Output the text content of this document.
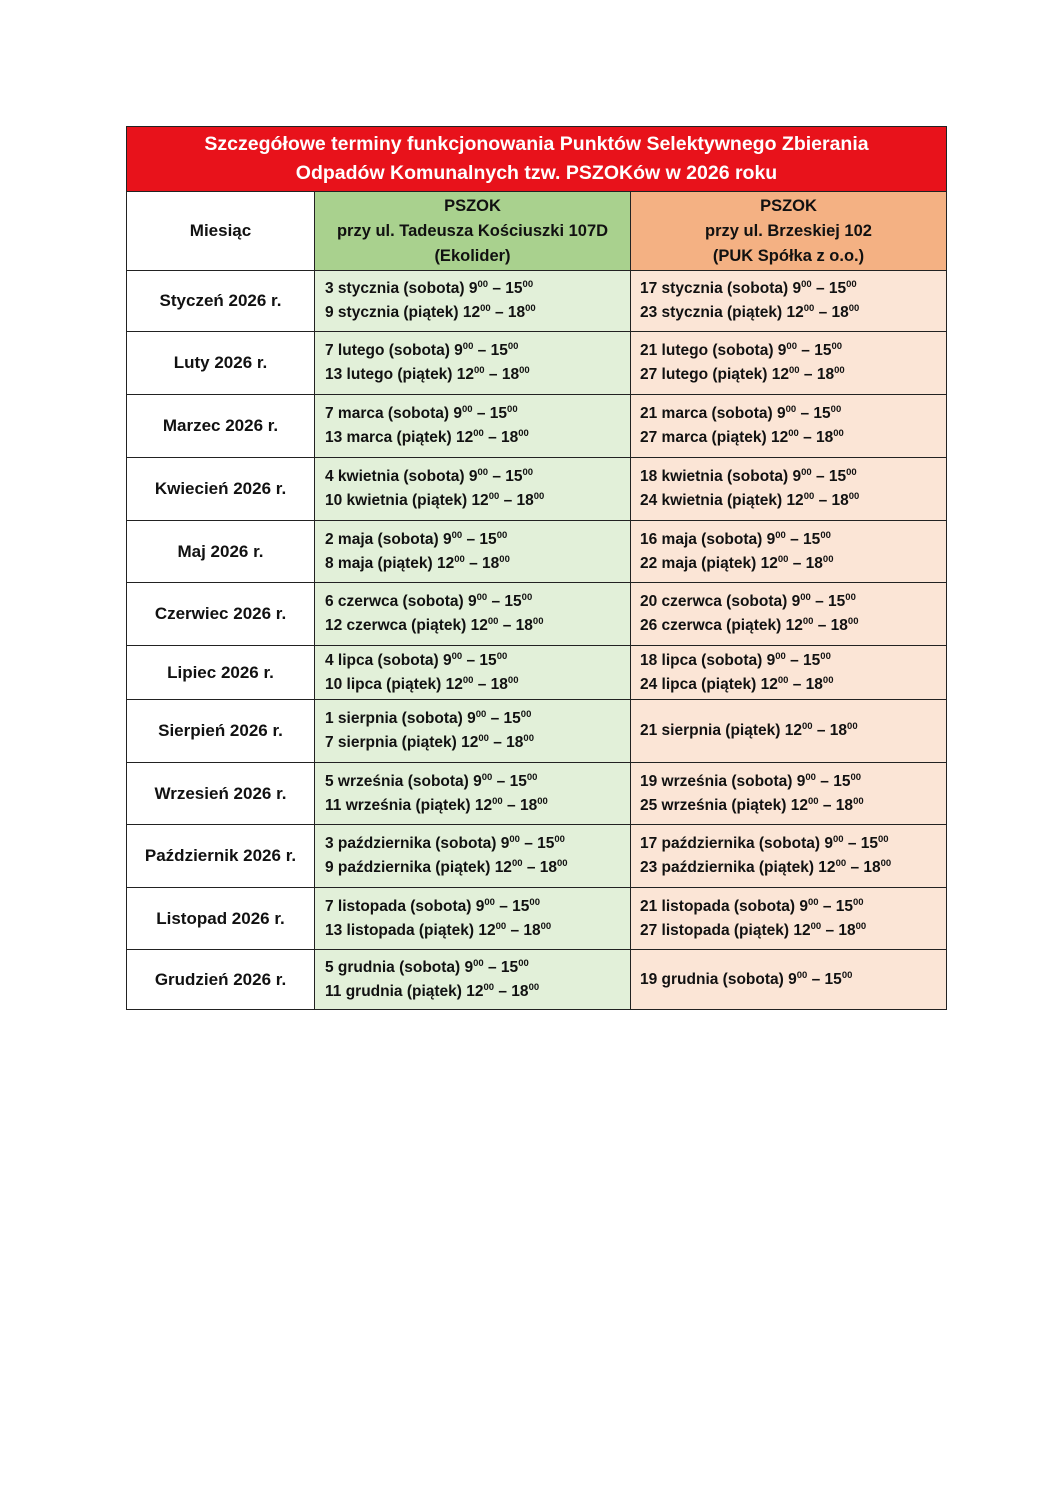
Szczegółowe terminy funkcjonowania Punktów Selektywnego Zbierania
Odpadów Komunalnych tzw. PSZOKów w 2026 roku		

Miesiąc	PSZOK
przy ul. Tadeusza Kościuszki 107D
(Ekolider)	PSZOK
przy ul. Brzeskiej 102
(PUK Spółka z o.o.)

Styczeń 2026 r.	3 stycznia (sobota) $9^{00} - 15^{00}$
9 stycznia (piątek) $12^{00} - 18^{00}$	17 stycznia (sobota) $9^{00} - 15^{00}$
23 stycznia (piątek) $12^{00} - 18^{00}$

Luty 2026 r.	7 lutego (sobota) $9^{00} - 15^{00}$
13 lutego (piątek) $12^{00} - 18^{00}$	21 lutego (sobota) $9^{00} - 15^{00}$
27 lutego (piątek) $12^{00} - 18^{00}$

Marzec 2026 r.	7 marca (sobota) $9^{00} - 15^{00}$
13 marca (piątek) $12^{00} - 18^{00}$	21 marca (sobota) $9^{00} - 15^{00}$
27 marca (piątek) $12^{00} - 18^{00}$

Kwiecień 2026 r.	4 kwietnia (sobota) $9^{00} - 15^{00}$
10 kwietnia (piątek) $12^{00} - 18^{00}$	18 kwietnia (sobota) $9^{00} - 15^{00}$
24 kwietnia (piątek) $12^{00} - 18^{00}$

Maj 2026 r.	2 maja (sobota) $9^{00} - 15^{00}$
8 maja (piątek) $12^{00} - 18^{00}$	16 maja (sobota) $9^{00} - 15^{00}$
22 maja (piątek) $12^{00} - 18^{00}$

Czerwiec 2026 r.	6 czerwca (sobota) $9^{00} - 15^{00}$
12 czerwca (piątek) $12^{00} - 18^{00}$	20 czerwca (sobota) $9^{00} - 15^{00}$
26 czerwca (piątek) $12^{00} - 18^{00}$

Lipiec 2026 r.	4 lipca (sobota) $9^{00} - 15^{00}$
10 lipca (piątek) $12^{00} - 18^{00}$	18 lipca (sobota) $9^{00} - 15^{00}$
24 lipca (piątek) $12^{00} - 18^{00}$

Sierpień 2026 r.	1 sierpnia (sobota) $9^{00} - 15^{00}$
7 sierpnia (piątek) $12^{00} - 18^{00}$	21 sierpnia (piątek) $12^{00} - 18^{00}$

Wrzesień 2026 r.	5 września (sobota) $9^{00} - 15^{00}$
11 września (piątek) $12^{00} - 18^{00}$	19 września (sobota) $9^{00} - 15^{00}$
25 września (piątek) $12^{00} - 18^{00}$

Październik 2026 r.	3 października (sobota) $9^{00} - 15^{00}$
9 października (piątek) $12^{00} - 18^{00}$	17 października (sobota) $9^{00} - 15^{00}$
23 października (piątek) $12^{00} - 18^{00}$

Listopad 2026 r.	7 listopada (sobota) $9^{00} - 15^{00}$
13 listopada (piątek) $12^{00} - 18^{00}$	21 listopada (sobota) $9^{00} - 15^{00}$
27 listopada (piątek) $12^{00} - 18^{00}$

Grudzień 2026 r.	5 grudnia (sobota) $9^{00} - 15^{00}$
11 grudnia (piątek) $12^{00} - 18^{00}$	19 grudnia (sobota) $9^{00} - 15^{00}$
